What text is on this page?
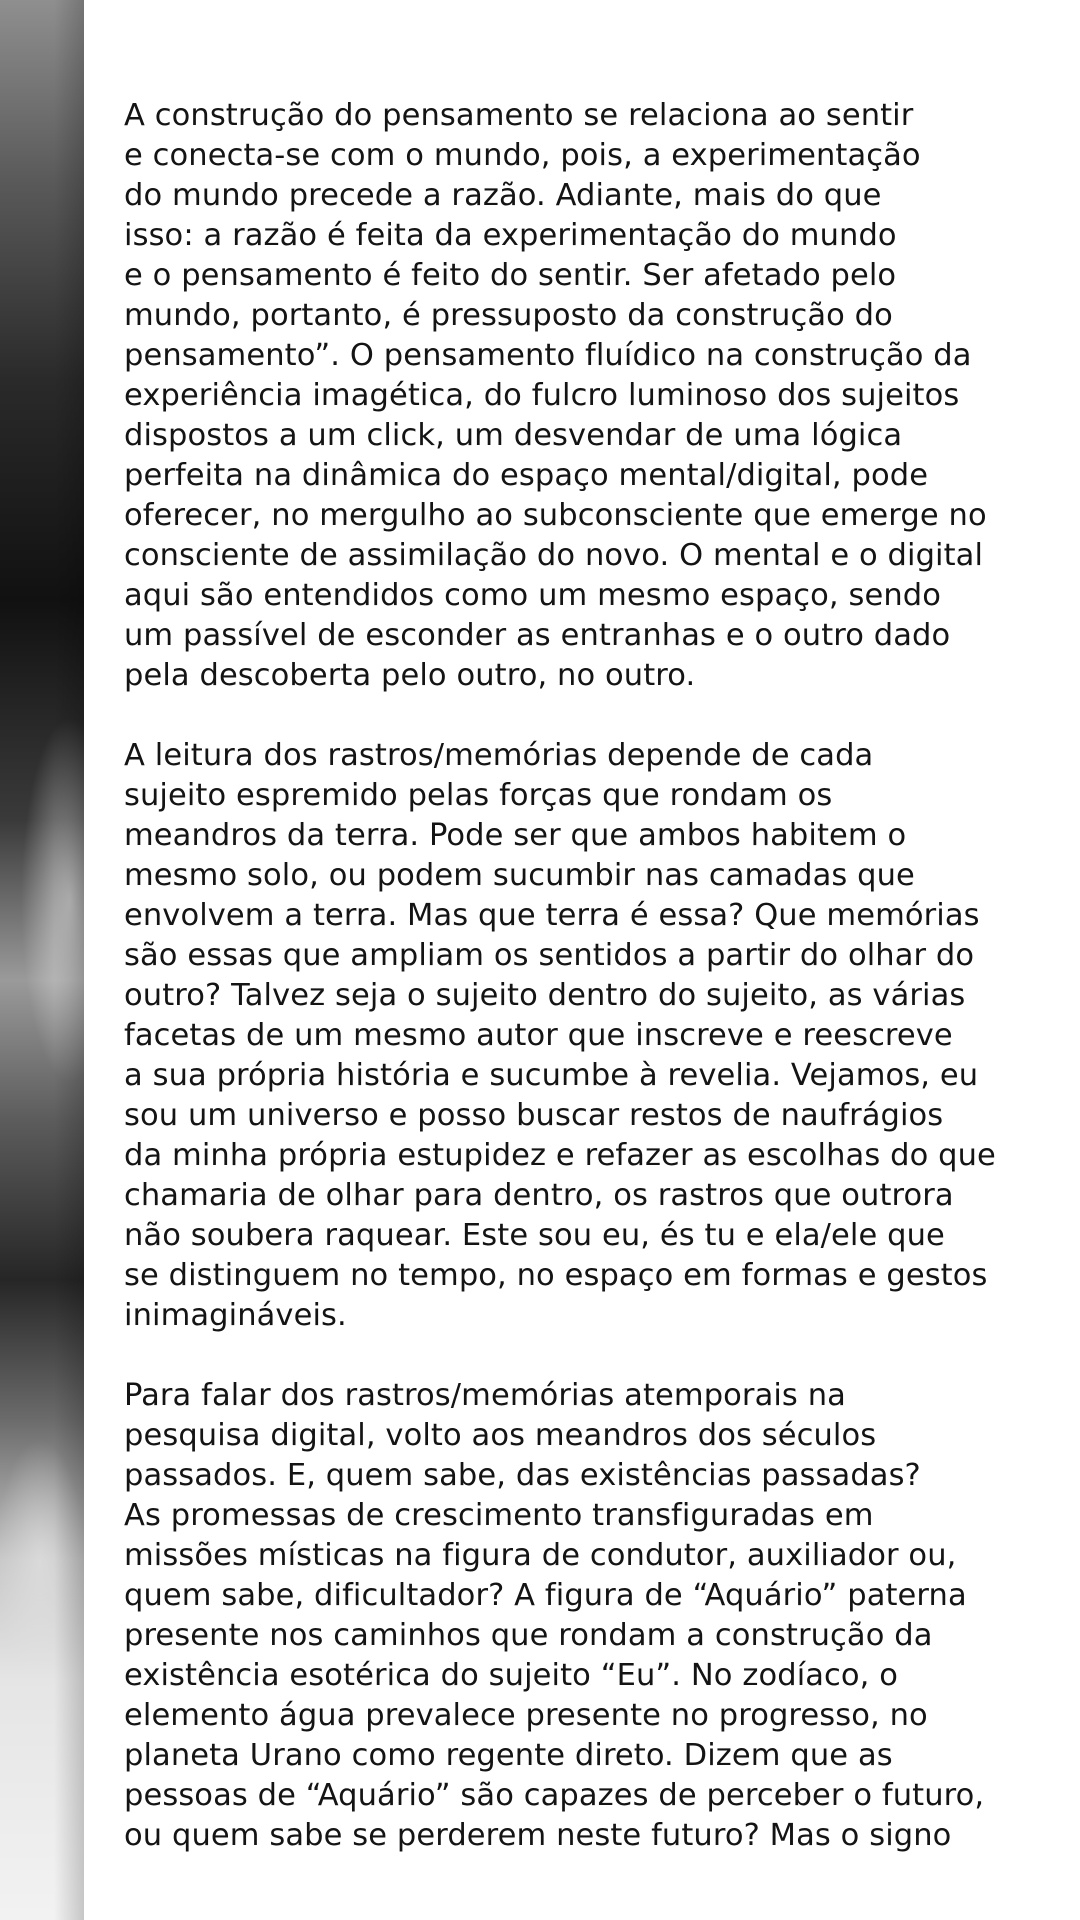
A construção do pensamento se relaciona ao sentir
e conecta-se com o mundo, pois, a experimentação
do mundo precede a razão. Adiante, mais do que
isso: a razão é feita da experimentação do mundo
e o pensamento é feito do sentir. Ser afetado pelo
mundo, portanto, é pressuposto da construção do
pensamento”. O pensamento fluídico na construção da
experiência imagética, do fulcro luminoso dos sujeitos
dispostos a um click, um desvendar de uma lógica
perfeita na dinâmica do espaço mental/digital, pode
oferecer, no mergulho ao subconsciente que emerge no
consciente de assimilação do novo. O mental e o digital
aqui são entendidos como um mesmo espaço, sendo
um passível de esconder as entranhas e o outro dado
pela descoberta pelo outro, no outro.

A leitura dos rastros/memórias depende de cada
sujeito espremido pelas forças que rondam os
meandros da terra. Pode ser que ambos habitem o
mesmo solo, ou podem sucumbir nas camadas que
envolvem a terra. Mas que terra é essa? Que memórias
são essas que ampliam os sentidos a partir do olhar do
outro? Talvez seja o sujeito dentro do sujeito, as várias
facetas de um mesmo autor que inscreve e reescreve
a sua própria história e sucumbe à revelia. Vejamos, eu
sou um universo e posso buscar restos de naufrágios
da minha própria estupidez e refazer as escolhas do que
chamaria de olhar para dentro, os rastros que outrora
não soubera raquear. Este sou eu, és tu e ela/ele que
se distinguem no tempo, no espaço em formas e gestos
inimagináveis.

Para falar dos rastros/memórias atemporais na
pesquisa digital, volto aos meandros dos séculos
passados. E, quem sabe, das existências passadas?
As promessas de crescimento transfiguradas em
missões místicas na figura de condutor, auxiliador ou,
quem sabe, dificultador? A figura de “Aquário” paterna
presente nos caminhos que rondam a construção da
existência esotérica do sujeito “Eu”. No zodíaco, o
elemento água prevalece presente no progresso, no
planeta Urano como regente direto. Dizem que as
pessoas de “Aquário” são capazes de perceber o futuro,
ou quem sabe se perderem neste futuro? Mas o signo
